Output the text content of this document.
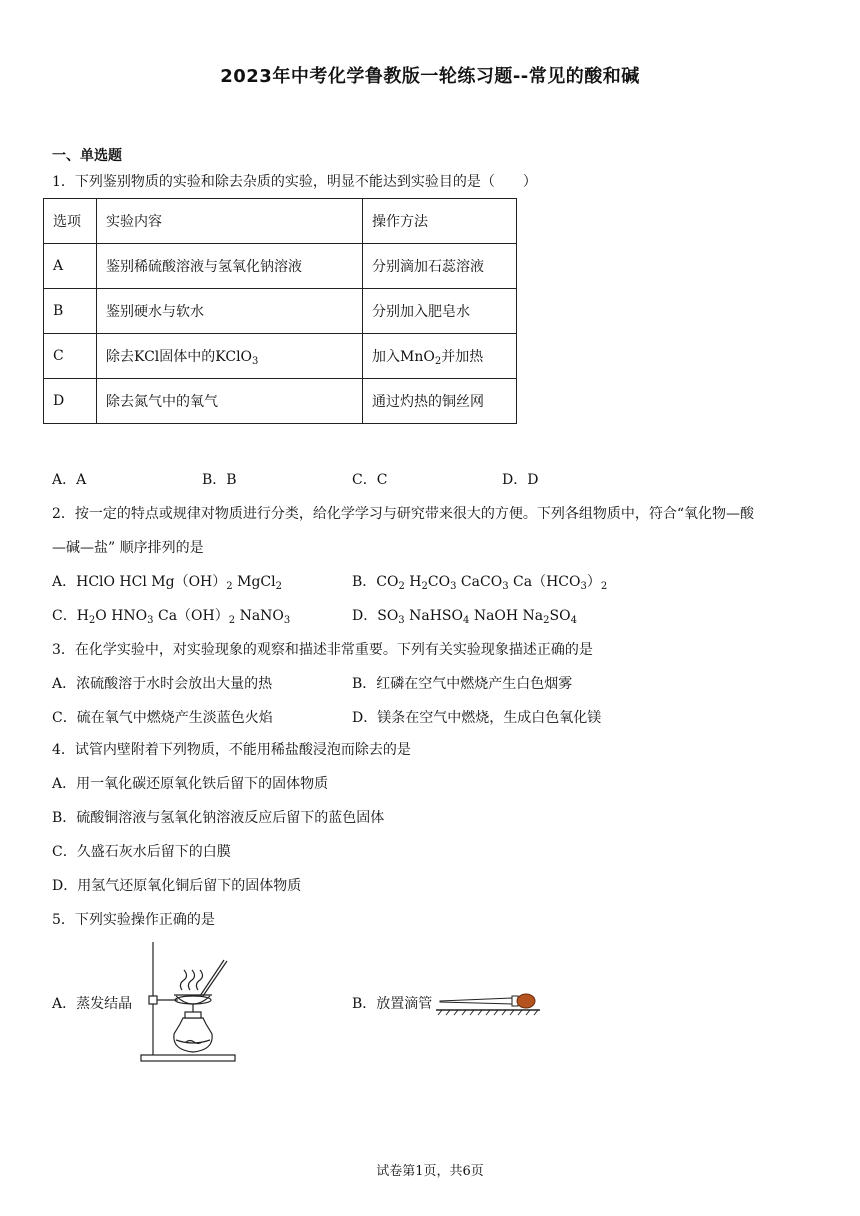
2023年中考化学鲁教版一轮练习题--常见的酸和碱
一、单选题
1．下列鉴别物质的实验和除去杂质的实验，明显不能达到实验目的是（　　）
选项	实验内容	操作方法
A	鉴别稀硫酸溶液与氢氧化钠溶液	分别滴加石蕊溶液
B	鉴别硬水与软水	分别加入肥皂水
C	除去KCl固体中的KClO$_3$	加入MnO$_2$并加热
D	除去氮气中的氧气	通过灼热的铜丝网
A．A	B．B	C．C	D．D
2．按一定的特点或规律对物质进行分类，给化学学习与研究带来很大的方便。下列各组物质中，符合“氧化物—酸
—碱—盐” 顺序排列的是
A．HClO HCl $Mg(OH)_2$ MgCl$_2$	B．$CO_2$ $H_2CO_3$ CaCO$_3$ $Ca(HCO_3)_2$
C．$H_2O$ $HNO_3$ $Ca(OH)_2$ NaNO$_3$	D．$SO_3$ NaHSO$_4$ NaOH $Na_2SO_4$
3．在化学实验中，对实验现象的观察和描述非常重要。下列有关实验现象描述正确的是
A．浓硫酸溶于水时会放出大量的热	B．红磷在空气中燃烧产生白色烟雾
C．硫在氧气中燃烧产生淡蓝色火焰	D．镁条在空气中燃烧，生成白色氧化镁
4．试管内壁附着下列物质，不能用稀盐酸浸泡而除去的是
A．用一氧化碳还原氧化铁后留下的固体物质
B．硫酸铜溶液与氢氧化钠溶液反应后留下的蓝色固体
C．久盛石灰水后留下的白膜
D．用氢气还原氧化铜后留下的固体物质
5．下列实验操作正确的是
A．蒸发结晶	B．放置滴管
试卷第1页，共6页
